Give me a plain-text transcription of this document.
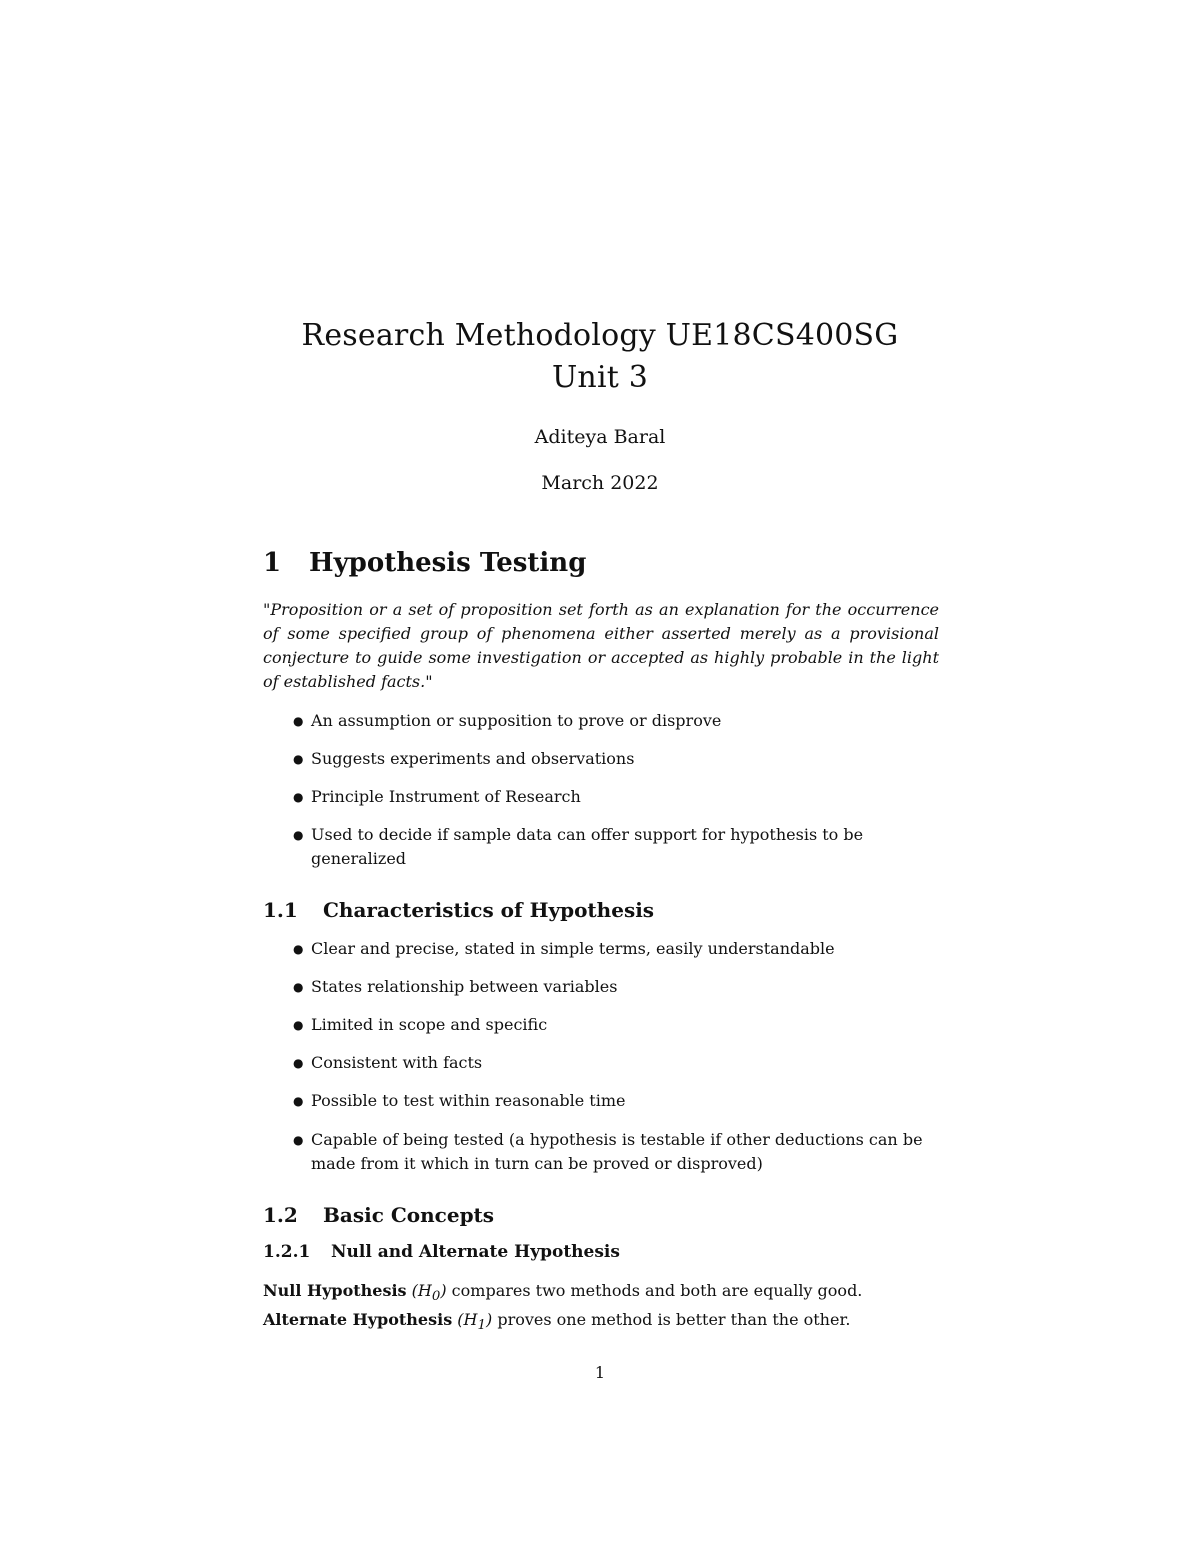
Research Methodology UE18CS400SG
Unit 3
Aditeya Baral
March 2022
1 Hypothesis Testing
"Proposition or a set of proposition set forth as an explanation for the occurrence of some specified group of phenomena either asserted merely as a provisional conjecture to guide some investigation or accepted as highly probable in the light of established facts."
● An assumption or supposition to prove or disprove
● Suggests experiments and observations
● Principle Instrument of Research
● Used to decide if sample data can offer support for hypothesis to be generalized
1.1 Characteristics of Hypothesis
● Clear and precise, stated in simple terms, easily understandable
● States relationship between variables
● Limited in scope and specific
● Consistent with facts
● Possible to test within reasonable time
● Capable of being tested (a hypothesis is testable if other deductions can be made from it which in turn can be proved or disproved)
1.2 Basic Concepts
1.2.1 Null and Alternate Hypothesis
Null Hypothesis $(H_0)$ compares two methods and both are equally good.
Alternate Hypothesis $(H_1)$ proves one method is better than the other.
1
